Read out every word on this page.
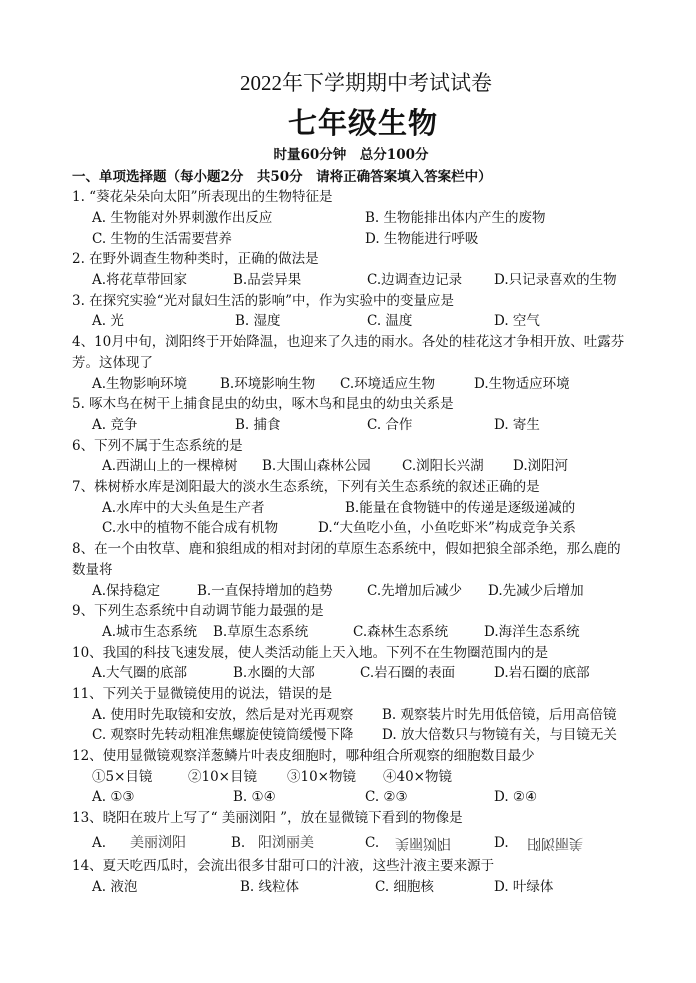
2022年下学期期中考试试卷
七年级生物
时量60分钟　总分100分
一、单项选择题（每小题2分　共50分　请将正确答案填入答案栏中）
1. “葵花朵朵向太阳”所表现出的生物特征是
A. 生物能对外界刺激作出反应	B. 生物能排出体内产生的废物
C. 生物的生活需要营养	D. 生物能进行呼吸
2. 在野外调查生物种类时，正确的做法是
A.将花草带回家	B.品尝异果	C.边调查边记录 D.只记录喜欢的生物
3. 在探究实验“光对鼠妇生活的影响”中，作为实验中的变量应是
A. 光	B. 湿度	C. 温度	D. 空气
4、10月中旬，浏阳终于开始降温，也迎来了久违的雨水。各处的桂花这才争相开放、吐露芬芳。这体现了
A.生物影响环境 B.环境影响生物 C.环境适应生物	D.生物适应环境
5. 啄木鸟在树干上捕食昆虫的幼虫，啄木鸟和昆虫的幼虫关系是
A. 竞争	B. 捕食	C. 合作	D. 寄生
6、下列不属于生态系统的是
A.西湖山上的一棵樟树 B.大围山森林公园 C.浏阳长兴湖 D.浏阳河
7、株树桥水库是浏阳最大的淡水生态系统，下列有关生态系统的叙述正确的是
A.水库中的大头鱼是生产者	B.能量在食物链中的传递是逐级递减的
C.水中的植物不能合成有机物	D.“大鱼吃小鱼，小鱼吃虾米”构成竞争关系
8、在一个由牧草、鹿和狼组成的相对封闭的草原生态系统中，假如把狼全部杀绝，那么鹿的数量将
A.保持稳定	B.一直保持增加的趋势	C.先增加后减少 D.先减少后增加
9、下列生态系统中自动调节能力最强的是
A.城市生态系统 B.草原生态系统	C.森林生态系统	D.海洋生态系统
10、我国的科技飞速发展，使人类活动能上天入地。下列不在生物圈范围内的是
A.大气圈的底部	B.水圈的大部	C.岩石圈的表面	D.岩石圈的底部
11、下列关于显微镜使用的说法，错误的是
A. 使用时先取镜和安放，然后是对光再观察 B. 观察装片时先用低倍镜，后用高倍镜
C. 观察时先转动粗准焦螺旋使镜筒缓慢下降 D. 放大倍数只与物镜有关，与目镜无关
12、使用显微镜观察洋葱鳞片叶表皮细胞时，哪种组合所观察的细胞数目最少
①5×目镜	②10×目镜 ③10×物镜 ④40×物镜
A. ①③	B. ①④	C. ②③	D. ②④
13、晓阳在玻片上写了“ 美丽浏阳 ”，放在显微镜下看到的物像是
A. 美丽浏阳	B. 阳浏丽美	C. 美丽浏阳	D. 美丽浏阳
14、夏天吃西瓜时，会流出很多甘甜可口的汁液，这些汁液主要来源于
A. 液泡	B. 线粒体	C. 细胞核	D. 叶绿体
